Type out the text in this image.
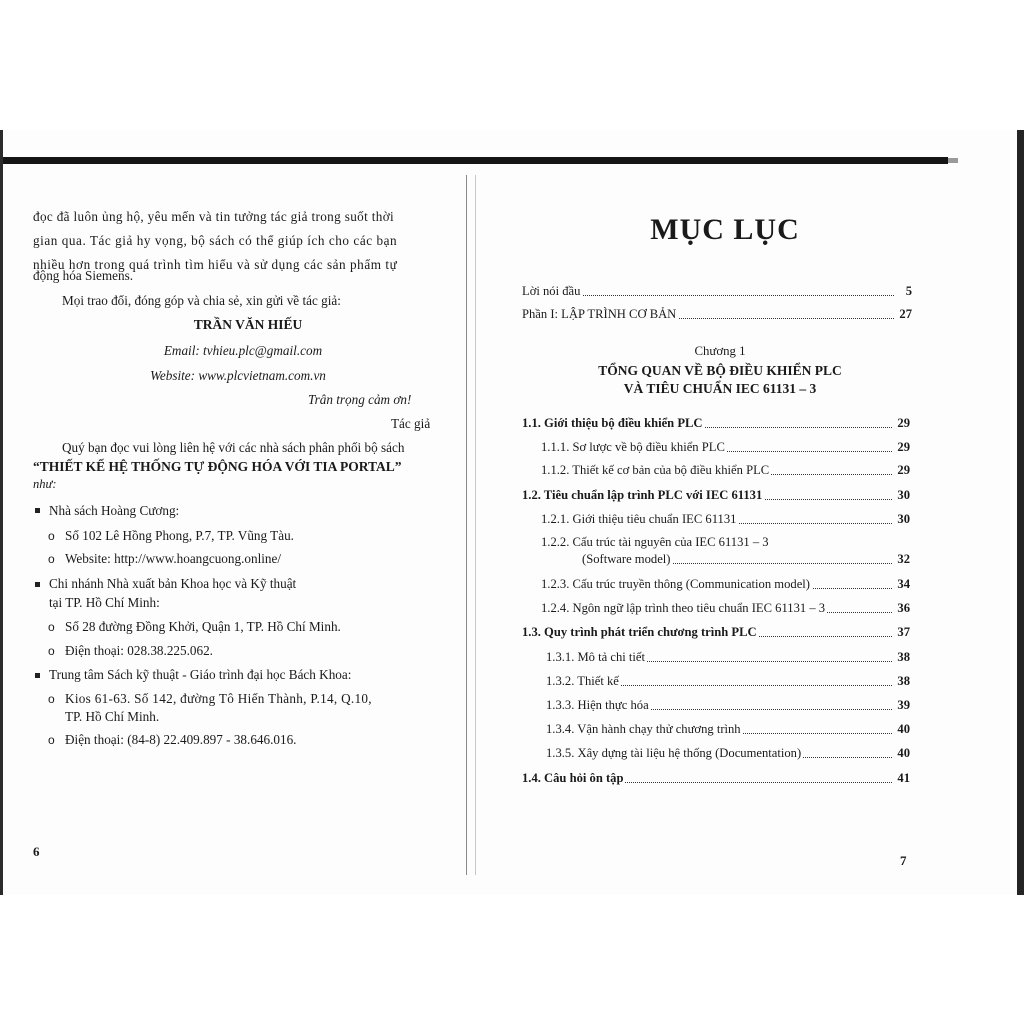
đọc đã luôn ủng hộ, yêu mến và tin tưởng tác giả trong suốt thời
gian qua. Tác giả hy vọng, bộ sách có thể giúp ích cho các bạn
nhiều hơn trong quá trình tìm hiểu và sử dụng các sản phẩm tự
động hóa Siemens.
Mọi trao đổi, đóng góp và chia sẻ, xin gửi về tác giả:
TRẦN VĂN HIẾU
Email: tvhieu.plc@gmail.com
Website: www.plcvietnam.com.vn
Trân trọng cảm ơn!
Tác giả
Quý bạn đọc vui lòng liên hệ với các nhà sách phân phối bộ sách
“THIẾT KẾ HỆ THỐNG TỰ ĐỘNG HÓA VỚI TIA PORTAL”
như:
Nhà sách Hoàng Cương:
o Số 102 Lê Hồng Phong, P.7, TP. Vũng Tàu.
o Website: http://www.hoangcuong.online/
Chi nhánh Nhà xuất bản Khoa học và Kỹ thuật
tại TP. Hồ Chí Minh:
o Số 28 đường Đồng Khởi, Quận 1, TP. Hồ Chí Minh.
o Điện thoại: 028.38.225.062.
Trung tâm Sách kỹ thuật - Giáo trình đại học Bách Khoa:
o Kios 61-63. Số 142, đường Tô Hiến Thành, P.14, Q.10,
TP. Hồ Chí Minh.
o Điện thoại: (84-8) 22.409.897 - 38.646.016.
6
MỤC LỤC
Lời nói đầu	5
Phần I: LẬP TRÌNH CƠ BẢN	27
Chương 1
TỔNG QUAN VỀ BỘ ĐIỀU KHIỂN PLC
VÀ TIÊU CHUẨN IEC 61131 – 3
1.1. Giới thiệu bộ điều khiển PLC	29
1.1.1. Sơ lược về bộ điều khiển PLC	29
1.1.2. Thiết kế cơ bản của bộ điều khiển PLC	29
1.2. Tiêu chuẩn lập trình PLC với IEC 61131	30
1.2.1. Giới thiệu tiêu chuẩn IEC 61131	30
1.2.2. Cấu trúc tài nguyên của IEC 61131 – 3
(Software model)	32
1.2.3. Cấu trúc truyền thông (Communication model)	34
1.2.4. Ngôn ngữ lập trình theo tiêu chuẩn IEC 61131 – 3	36
1.3. Quy trình phát triển chương trình PLC	37
1.3.1. Mô tả chi tiết	38
1.3.2. Thiết kế	38
1.3.3. Hiện thực hóa	39
1.3.4. Vận hành chạy thử chương trình	40
1.3.5. Xây dựng tài liệu hệ thống (Documentation)	40
1.4. Câu hỏi ôn tập	41
7
